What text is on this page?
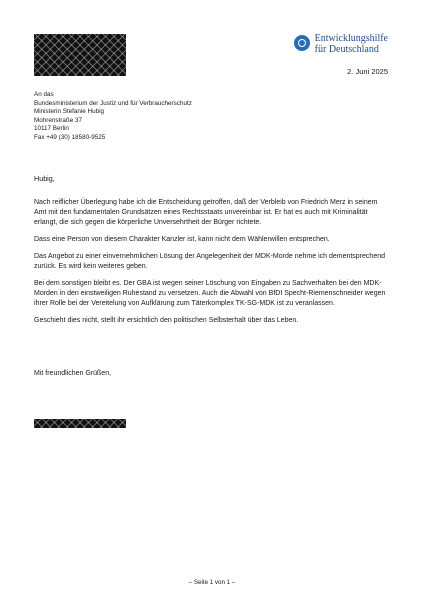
Entwicklungshilfe
für Deutschland
2. Juni 2025
An das
Bundesministerium der Justiz und für Verbraucherschutz
Ministerin Stefanie Hubig
Mohrenstraße 37
10117 Berlin
Fax +49 (30) 18580-9525
Hubig,

Nach reiflicher Überlegung habe ich die Entscheidung getroffen, daß der Verbleib von Friedrich Merz in seinem Amt mit den fundamentalen Grundsätzen eines Rechtsstaats unvereinbar ist. Er hat es auch mit Kriminalität erlangt, die sich gegen die körperliche Unversehrtheit der Bürger richtete.

Dass eine Person von diesem Charakter Kanzler ist, kann nicht dem Wählerwillen entsprechen.

Das Angebot zu einer einvernehmlichen Lösung der Angelegenheit der MDK-Morde nehme ich dementsprechend zurück. Es wird kein weiteres geben.

Bei dem sonstigen bleibt es. Der GBA ist wegen seiner Löschung von Eingaben zu Sachverhalten bei den MDK-Morden in den einstweiligen Ruhestand zu versetzen. Auch die Abwahl von BfDI Specht-Riemenschneider wegen ihrer Rolle bei der Vereitelung von Aufklärung zum Täterkomplex TK-SG-MDK ist zu veranlassen.

Geschieht dies nicht, stellt ihr ersichtlich den politischen Selbsterhalt über das Leben.

Mit freundlichen Grüßen,
– Seite 1 von 1 –
